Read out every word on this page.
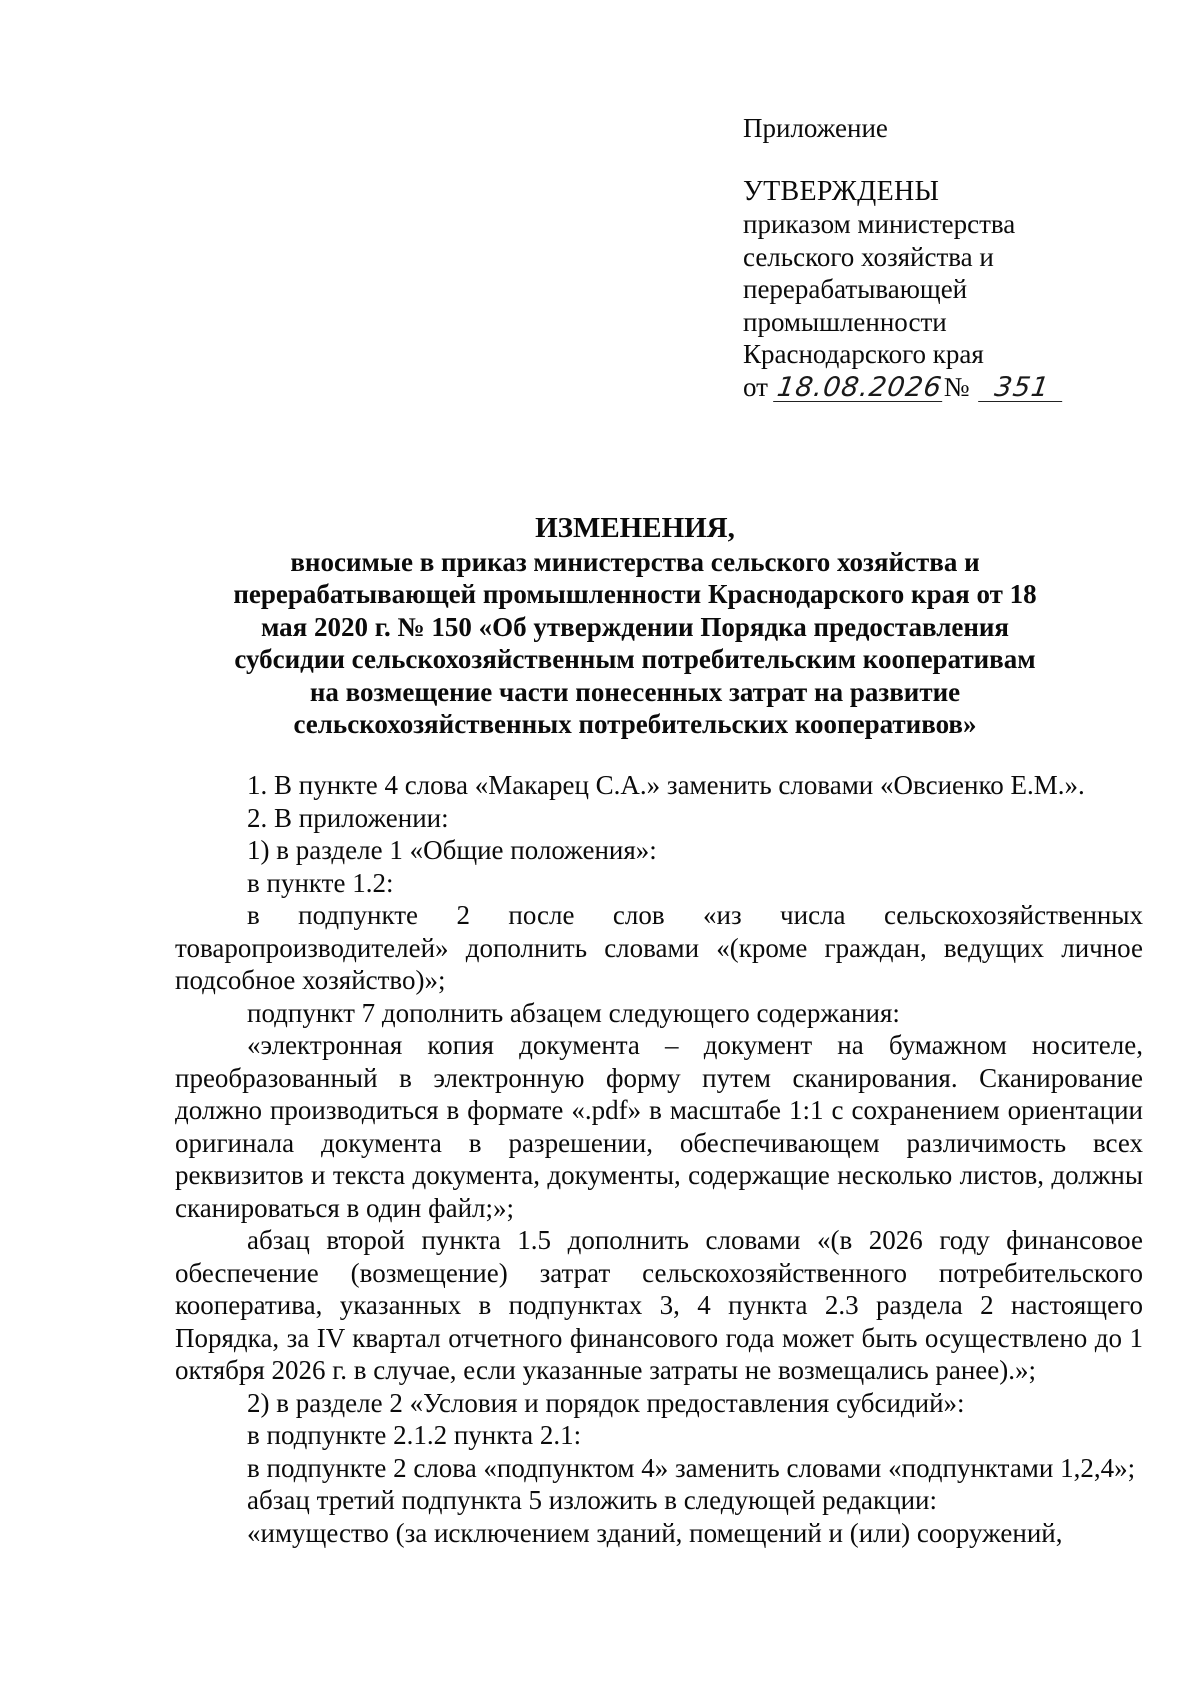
Приложение
УТВЕРЖДЕНЫ
приказом министерства
сельского хозяйства и
перерабатывающей
промышленности
Краснодарского края
от 18.08.2026№ 351
ИЗМЕНЕНИЯ,
вносимые в приказ министерства сельского хозяйства и
перерабатывающей промышленности Краснодарского края от 18
мая 2020 г. № 150 «Об утверждении Порядка предоставления
субсидии сельскохозяйственным потребительским кооперативам
на возмещение части понесенных затрат на развитие
сельскохозяйственных потребительских кооперативов»

1. В пункте 4 слова «Макарец С.А.» заменить словами «Овсиенко Е.М.».

2. В приложении:

1) в разделе 1 «Общие положения»:

в пункте 1.2:

в подпункте 2 после слов «из числа сельскохозяйственных товаропроизводителей» дополнить словами «(кроме граждан, ведущих личное подсобное хозяйство)»;

подпункт 7 дополнить абзацем следующего содержания:

«электронная копия документа – документ на бумажном носителе, преобразованный в электронную форму путем сканирования. Сканирование должно производиться в формате «.pdf» в масштабе 1:1 с сохранением ориентации оригинала документа в разрешении, обеспечивающем различимость всех реквизитов и текста документа, документы, содержащие несколько листов, должны сканироваться в один файл;»;

абзац второй пункта 1.5 дополнить словами «(в 2026 году финансовое обеспечение (возмещение) затрат сельскохозяйственного потребительского кооператива, указанных в подпунктах 3, 4 пункта 2.3 раздела 2 настоящего Порядка, за IV квартал отчетного финансового года может быть осуществлено до 1 октября 2026 г. в случае, если указанные затраты не возмещались ранее).»;

2) в разделе 2 «Условия и порядок предоставления субсидий»:

в подпункте 2.1.2 пункта 2.1:

в подпункте 2 слова «подпунктом 4» заменить словами «подпунктами 1,2,4»;

абзац третий подпункта 5 изложить в следующей редакции:

«имущество (за исключением зданий, помещений и (или) сооружений,
